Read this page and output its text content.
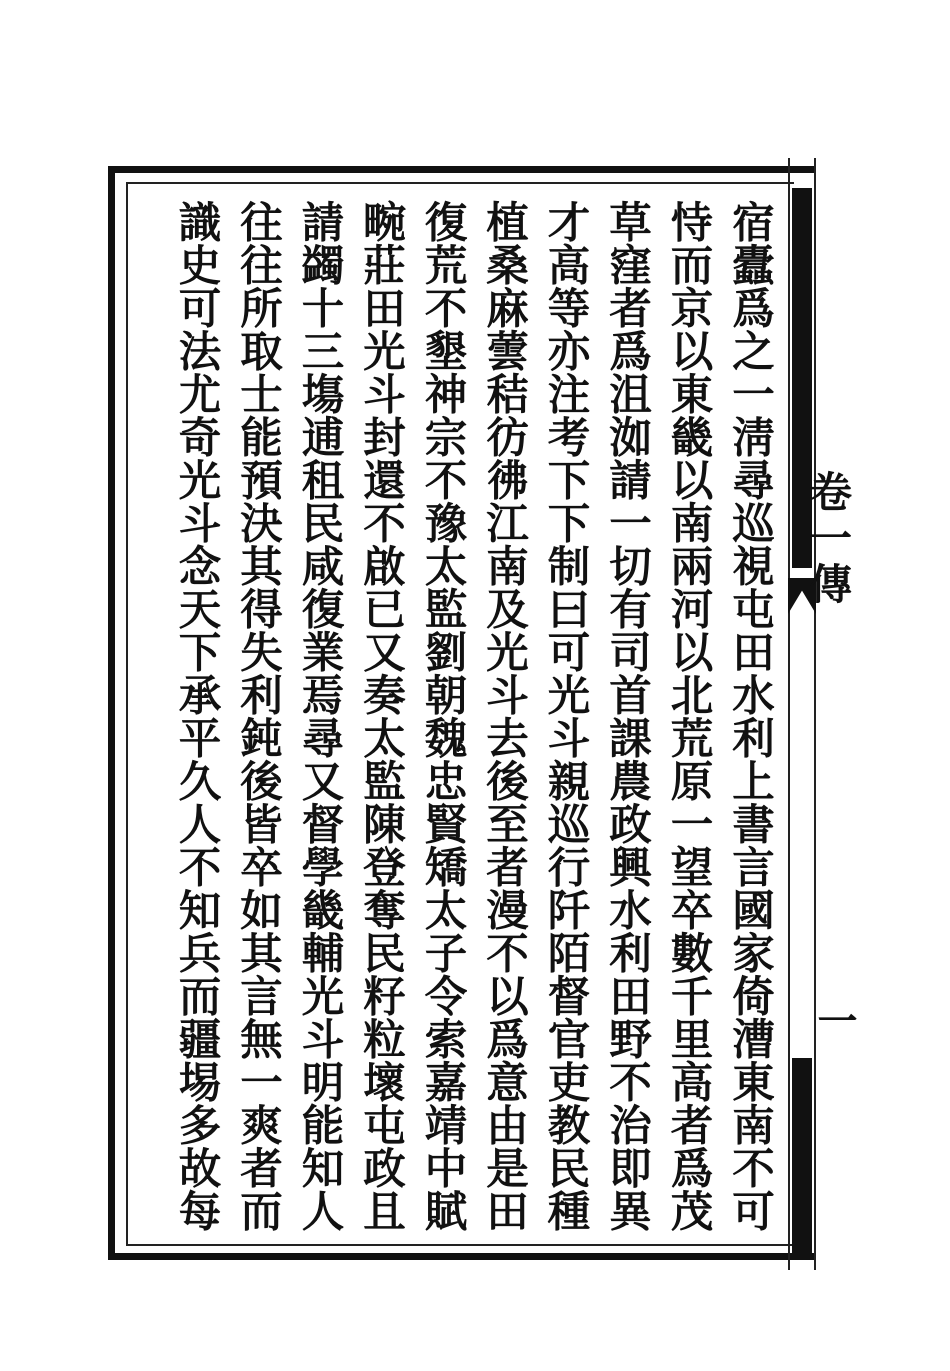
卷一傳
一
宿蠹爲之一淸尋巡視屯田水利上書言國家倚漕東南不可
恃而京以東畿以南兩河以北荒原一望卒數千里高者爲茂
草窪者爲沮洳請一切有司首課農政興水利田野不治即異
才高等亦注考下下制曰可光斗親巡行阡陌督官吏教民種
植桑麻蕓秸彷彿江南及光斗去後至者漫不以爲意由是田
復荒不墾神宗不豫太監劉朝魏忠賢矯太子令索嘉靖中賦
畹莊田光斗封還不啟已又奏太監陳登奪民籽粒壞屯政且
請蠲十三塲逋租民咸復業焉尋又督學畿輔光斗明能知人
往往所取士能預決其得失利鈍後皆卒如其言無一爽者而
識史可法尤奇光斗念天下承平久人不知兵而疆埸多故每
